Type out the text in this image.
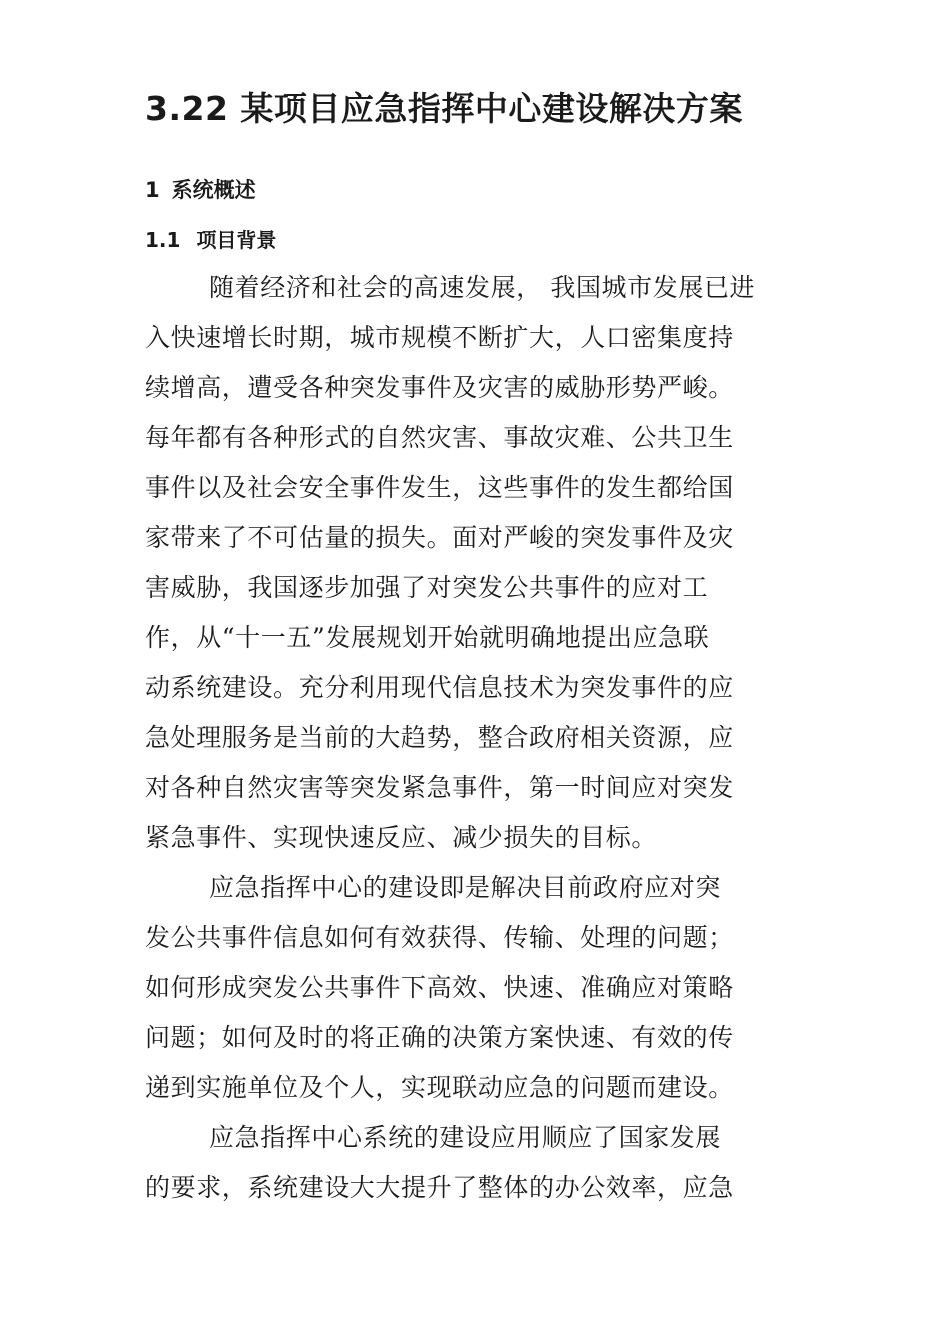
3.22 某项目应急指挥中心建设解决方案
1 系统概述
1.1 项目背景
随着经济和社会的高速发展， 我国城市发展已进
入快速增长时期，城市规模不断扩大，人口密集度持
续增高，遭受各种突发事件及灾害的威胁形势严峻。
每年都有各种形式的自然灾害、事故灾难、公共卫生
事件以及社会安全事件发生，这些事件的发生都给国
家带来了不可估量的损失。面对严峻的突发事件及灾
害威胁，我国逐步加强了对突发公共事件的应对工
作，从“十一五”发展规划开始就明确地提出应急联
动系统建设。充分利用现代信息技术为突发事件的应
急处理服务是当前的大趋势，整合政府相关资源，应
对各种自然灾害等突发紧急事件，第一时间应对突发
紧急事件、实现快速反应、减少损失的目标。
应急指挥中心的建设即是解决目前政府应对突
发公共事件信息如何有效获得、传输、处理的问题；
如何形成突发公共事件下高效、快速、准确应对策略
问题；如何及时的将正确的决策方案快速、有效的传
递到实施单位及个人，实现联动应急的问题而建设。
应急指挥中心系统的建设应用顺应了国家发展
的要求，系统建设大大提升了整体的办公效率，应急
